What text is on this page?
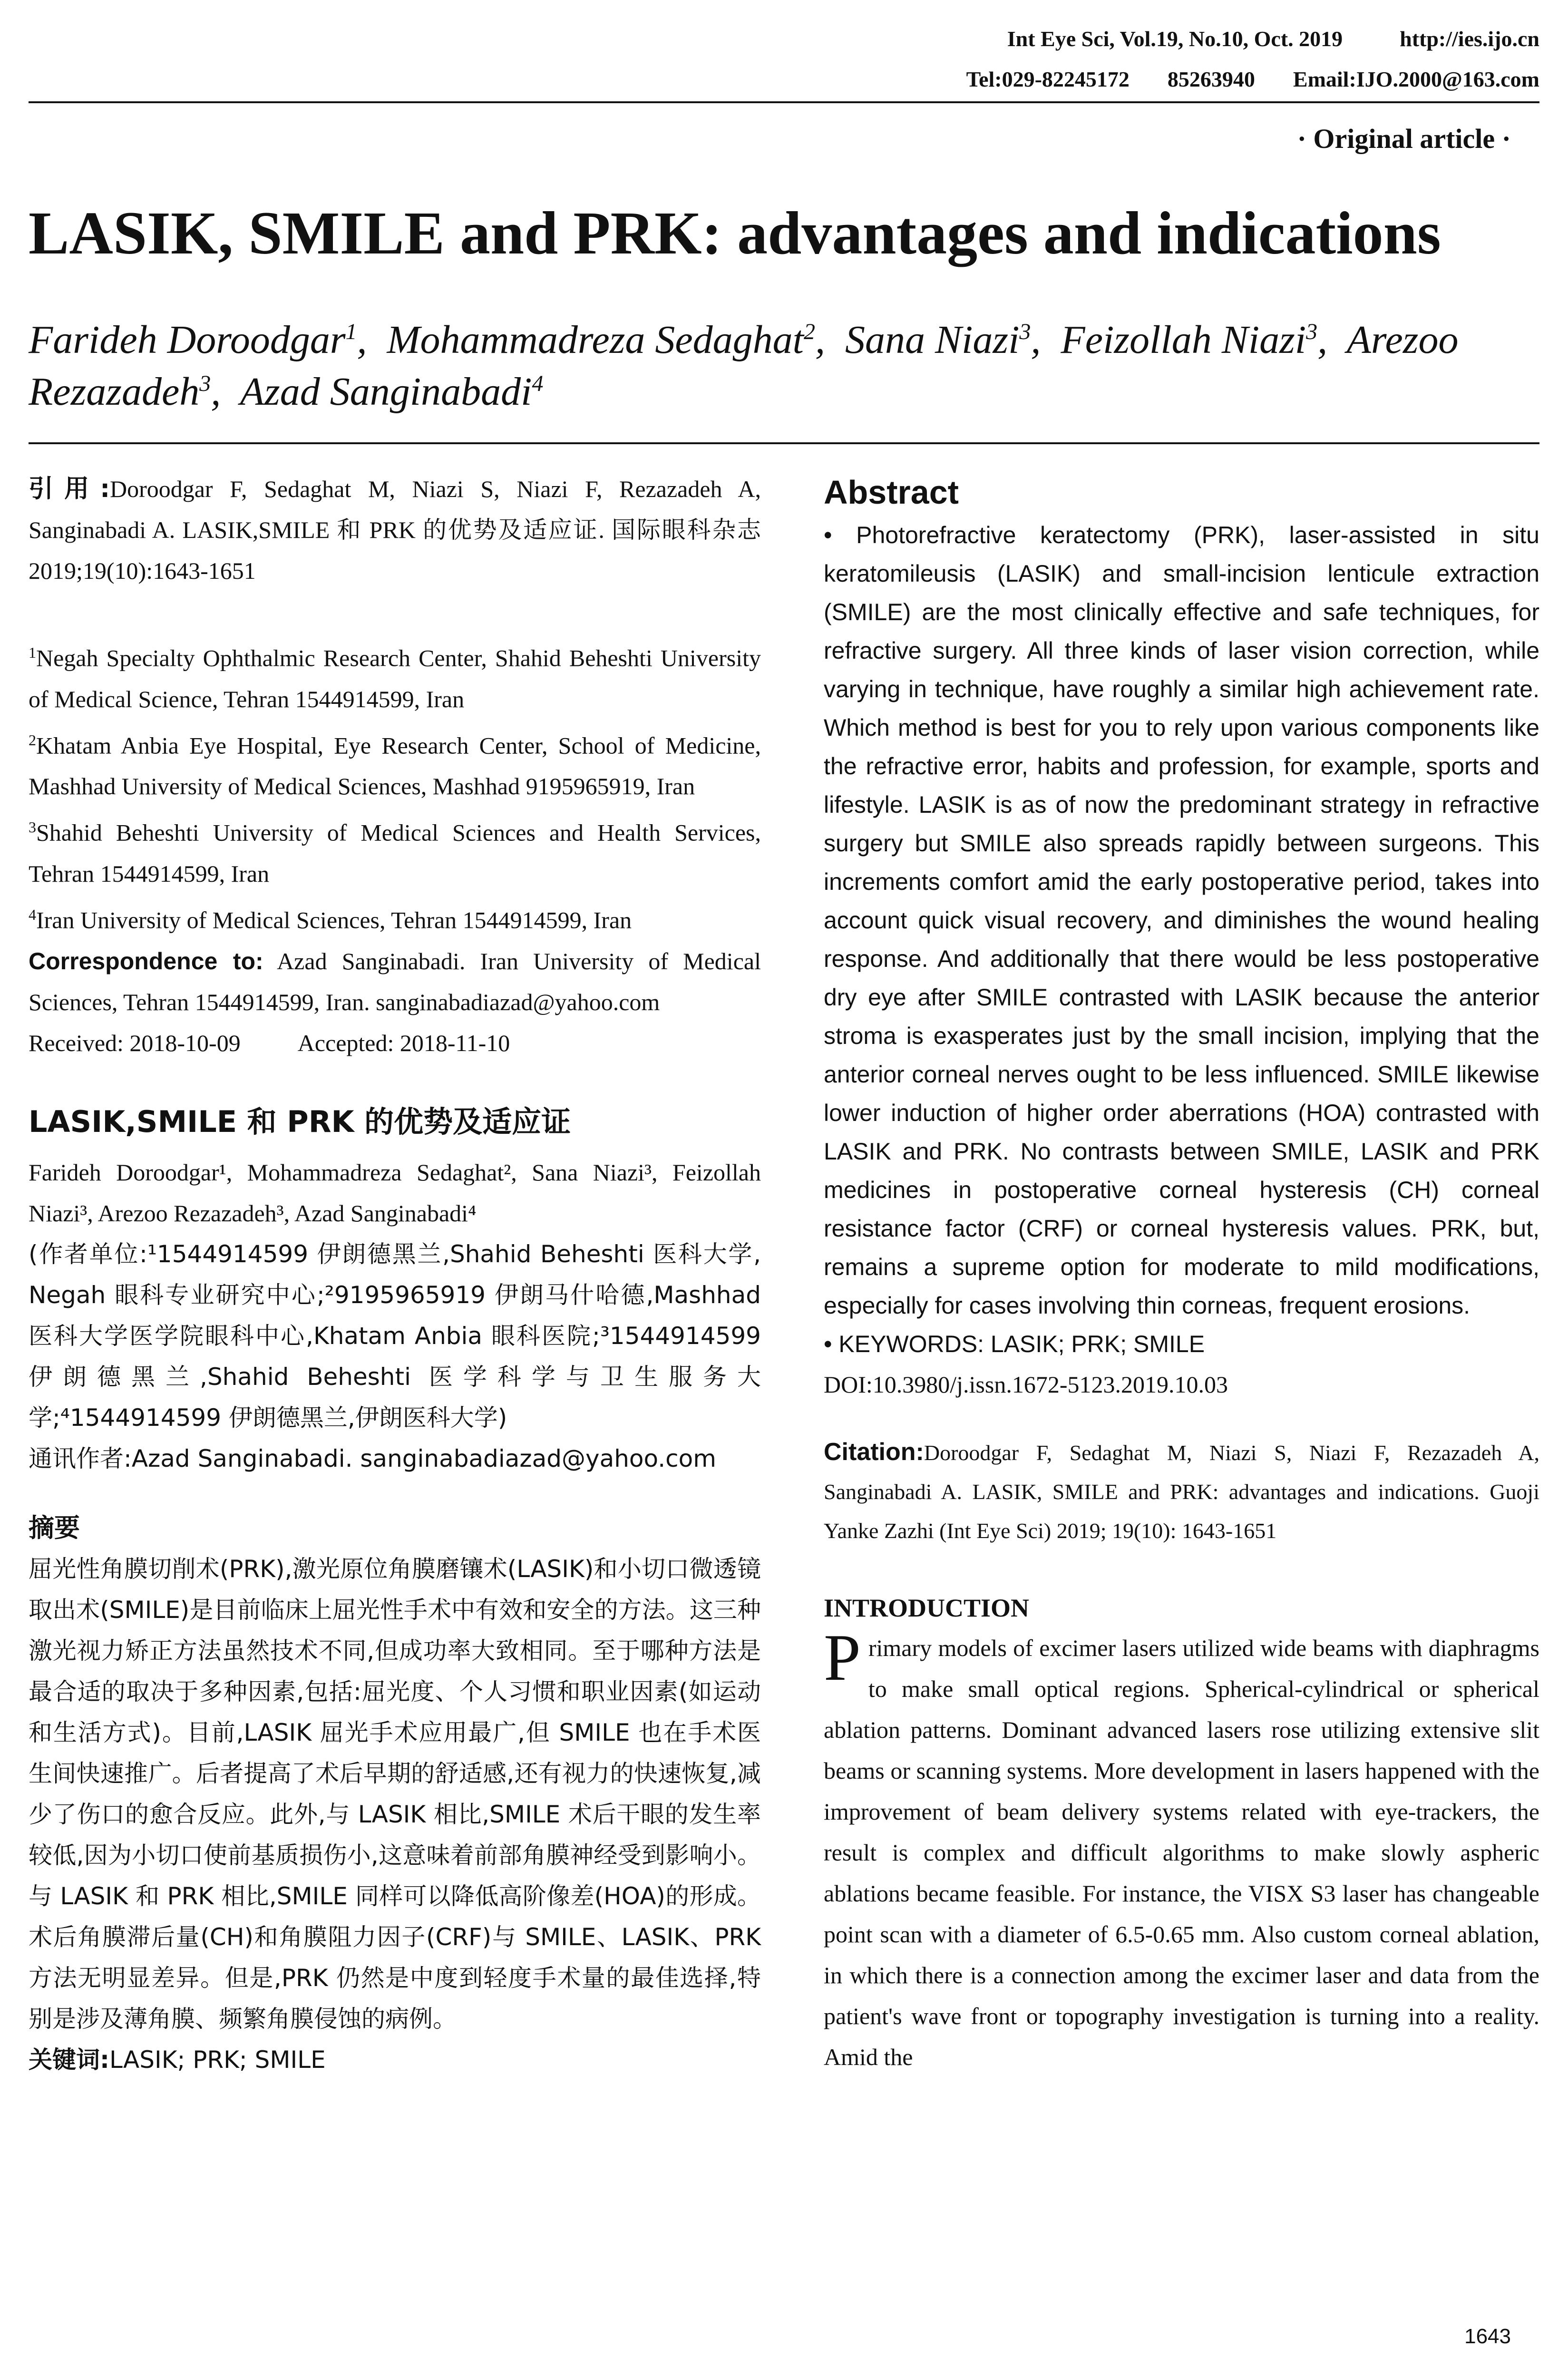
Int Eye Sci, Vol.19, No.10, Oct. 2019	http://ies.ijo.cn
Tel:029-82245172 85263940 Email:IJO.2000@163.com
· Original article ·
LASIK, SMILE and PRK: advantages and indications
Farideh Doroodgar$^1$,  Mohammadreza Sedaghat$^2$,  Sana Niazi$^3$,  Feizollah Niazi$^3$,  Arezoo Rezazadeh$^3$,  Azad Sanginabadi$^4$

引用:Doroodgar F, Sedaghat M, Niazi S, Niazi F, Rezazadeh A, Sanginabadi A. LASIK,SMILE 和 PRK 的优势及适应证. 国际眼科杂志 2019;19(10):1643-1651

$^1$Negah Specialty Ophthalmic Research Center, Shahid Beheshti University of Medical Science, Tehran 1544914599, Iran

$^2$Khatam Anbia Eye Hospital, Eye Research Center, School of Medicine, Mashhad University of Medical Sciences, Mashhad 9195965919, Iran

$^3$Shahid Beheshti University of Medical Sciences and Health Services, Tehran 1544914599, Iran

$^4$Iran University of Medical Sciences, Tehran 1544914599, Iran

Correspondence to: Azad Sanginabadi. Iran University of Medical Sciences, Tehran 1544914599, Iran. sanginabadiazad@yahoo.com

Received: 2018-10-09 Accepted: 2018-11-10

LASIK,SMILE 和 PRK 的优势及适应证

Farideh Doroodgar¹, Mohammadreza Sedaghat², Sana Niazi³, Feizollah Niazi³, Arezoo Rezazadeh³, Azad Sanginabadi⁴

(作者单位:¹1544914599 伊朗德黑兰,Shahid Beheshti 医科大学, Negah 眼科专业研究中心;²9195965919 伊朗马什哈德,Mashhad 医科大学医学院眼科中心,Khatam Anbia 眼科医院;³1544914599 伊朗德黑兰,Shahid Beheshti 医学科学与卫生服务大学;⁴1544914599 伊朗德黑兰,伊朗医科大学)

通讯作者:Azad Sanginabadi. sanginabadiazad@yahoo.com

摘要

屈光性角膜切削术(PRK),激光原位角膜磨镶术(LASIK)和小切口微透镜取出术(SMILE)是目前临床上屈光性手术中有效和安全的方法。这三种激光视力矫正方法虽然技术不同,但成功率大致相同。至于哪种方法是最合适的取决于多种因素,包括:屈光度、个人习惯和职业因素(如运动和生活方式)。目前,LASIK 屈光手术应用最广,但 SMILE 也在手术医生间快速推广。后者提高了术后早期的舒适感,还有视力的快速恢复,减少了伤口的愈合反应。此外,与 LASIK 相比,SMILE 术后干眼的发生率较低,因为小切口使前基质损伤小,这意味着前部角膜神经受到影响小。与 LASIK 和 PRK 相比,SMILE 同样可以降低高阶像差(HOA)的形成。术后角膜滞后量(CH)和角膜阻力因子(CRF)与 SMILE、LASIK、PRK 方法无明显差异。但是,PRK 仍然是中度到轻度手术量的最佳选择,特别是涉及薄角膜、频繁角膜侵蚀的病例。

关键词:LASIK; PRK; SMILE

Abstract

• Photorefractive keratectomy (PRK), laser-assisted in situ keratomileusis (LASIK) and small-incision lenticule extraction (SMILE) are the most clinically effective and safe techniques, for refractive surgery. All three kinds of laser vision correction, while varying in technique, have roughly a similar high achievement rate. Which method is best for you to rely upon various components like the refractive error, habits and profession, for example, sports and lifestyle. LASIK is as of now the predominant strategy in refractive surgery but SMILE also spreads rapidly between surgeons. This increments comfort amid the early postoperative period, takes into account quick visual recovery, and diminishes the wound healing response. And additionally that there would be less postoperative dry eye after SMILE contrasted with LASIK because the anterior stroma is exasperates just by the small incision, implying that the anterior corneal nerves ought to be less influenced. SMILE likewise lower induction of higher order aberrations (HOA) contrasted with LASIK and PRK. No contrasts between SMILE, LASIK and PRK medicines in postoperative corneal hysteresis (CH) corneal resistance factor (CRF) or corneal hysteresis values. PRK, but, remains a supreme option for moderate to mild modifications, especially for cases involving thin corneas, frequent erosions.

• KEYWORDS: LASIK; PRK; SMILE
DOI:10.3980/j.issn.1672-5123.2019.10.03

Citation:Doroodgar F, Sedaghat M, Niazi S, Niazi F, Rezazadeh A, Sanginabadi A. LASIK, SMILE and PRK: advantages and indications. Guoji Yanke Zazhi (Int Eye Sci) 2019; 19(10): 1643-1651

INTRODUCTION

Primary models of excimer lasers utilized wide beams with diaphragms to make small optical regions. Spherical-cylindrical or spherical ablation patterns. Dominant advanced lasers rose utilizing extensive slit beams or scanning systems. More development in lasers happened with the improvement of beam delivery systems related with eye-trackers, the result is complex and difficult algorithms to make slowly aspheric ablations became feasible. For instance, the VISX S3 laser has changeable point scan with a diameter of 6.5-0.65 mm. Also custom corneal ablation, in which there is a connection among the excimer laser and data from the patient's wave front or topography investigation is turning into a reality. Amid the

1643
